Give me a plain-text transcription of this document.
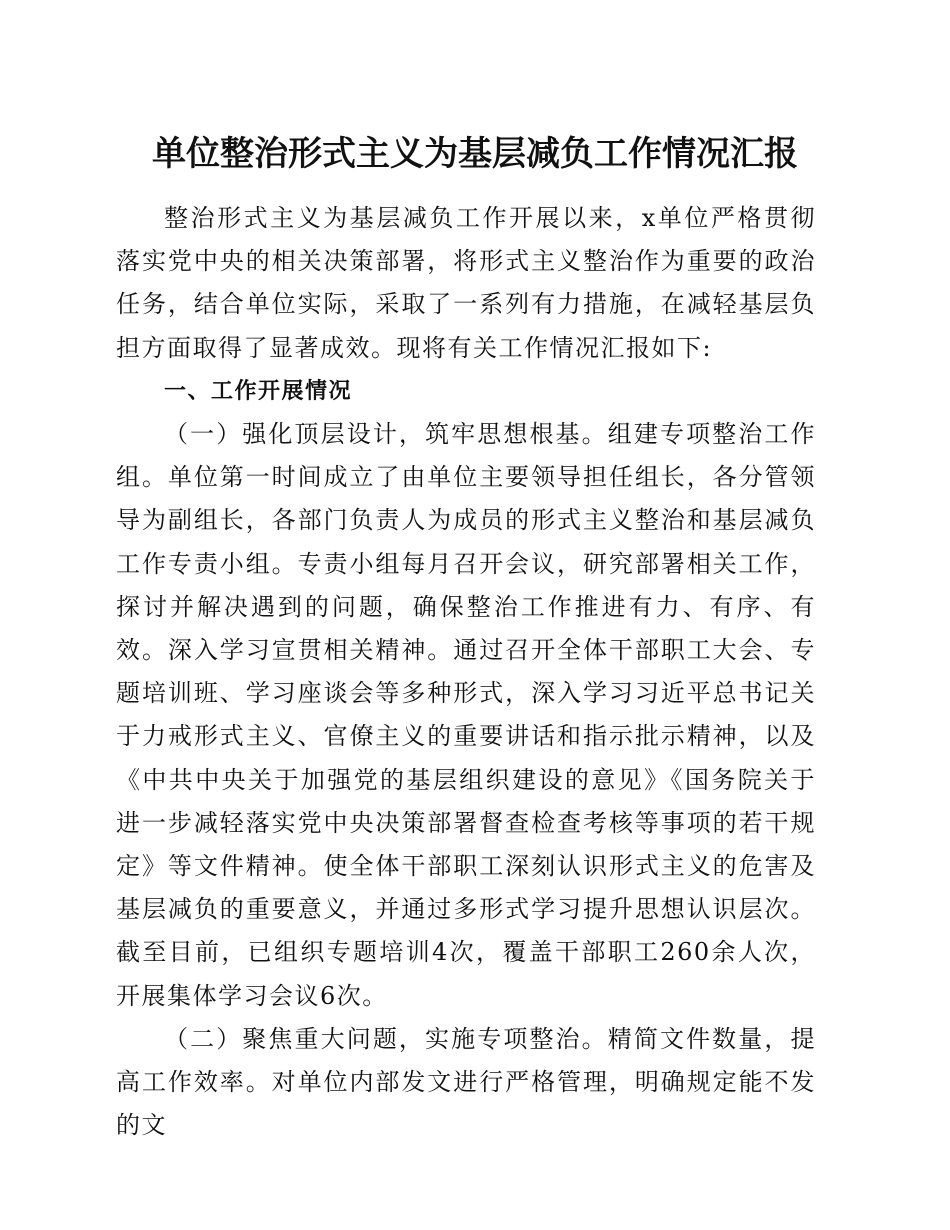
单位整治形式主义为基层减负工作情况汇报

整治形式主义为基层减负工作开展以来，x单位严格贯彻落实党中央的相关决策部署，将形式主义整治作为重要的政治任务，结合单位实际，采取了一系列有力措施，在减轻基层负担方面取得了显著成效。现将有关工作情况汇报如下:

一、工作开展情况

（一）强化顶层设计，筑牢思想根基。组建专项整治工作组。单位第一时间成立了由单位主要领导担任组长，各分管领导为副组长，各部门负责人为成员的形式主义整治和基层减负工作专责小组。专责小组每月召开会议，研究部署相关工作，探讨并解决遇到的问题，确保整治工作推进有力、有序、有效。深入学习宣贯相关精神。通过召开全体干部职工大会、专题培训班、学习座谈会等多种形式，深入学习习近平总书记关于力戒形式主义、官僚主义的重要讲话和指示批示精神，以及《中共中央关于加强党的基层组织建设的意见》《国务院关于进一步减轻落实党中央决策部署督查检查考核等事项的若干规定》等文件精神。使全体干部职工深刻认识形式主义的危害及基层减负的重要意义，并通过多形式学习提升思想认识层次。截至目前，已组织专题培训4次，覆盖干部职工260余人次，开展集体学习会议6次。

（二）聚焦重大问题，实施专项整治。精简文件数量，提高工作效率。对单位内部发文进行严格管理，明确规定能不发的文
